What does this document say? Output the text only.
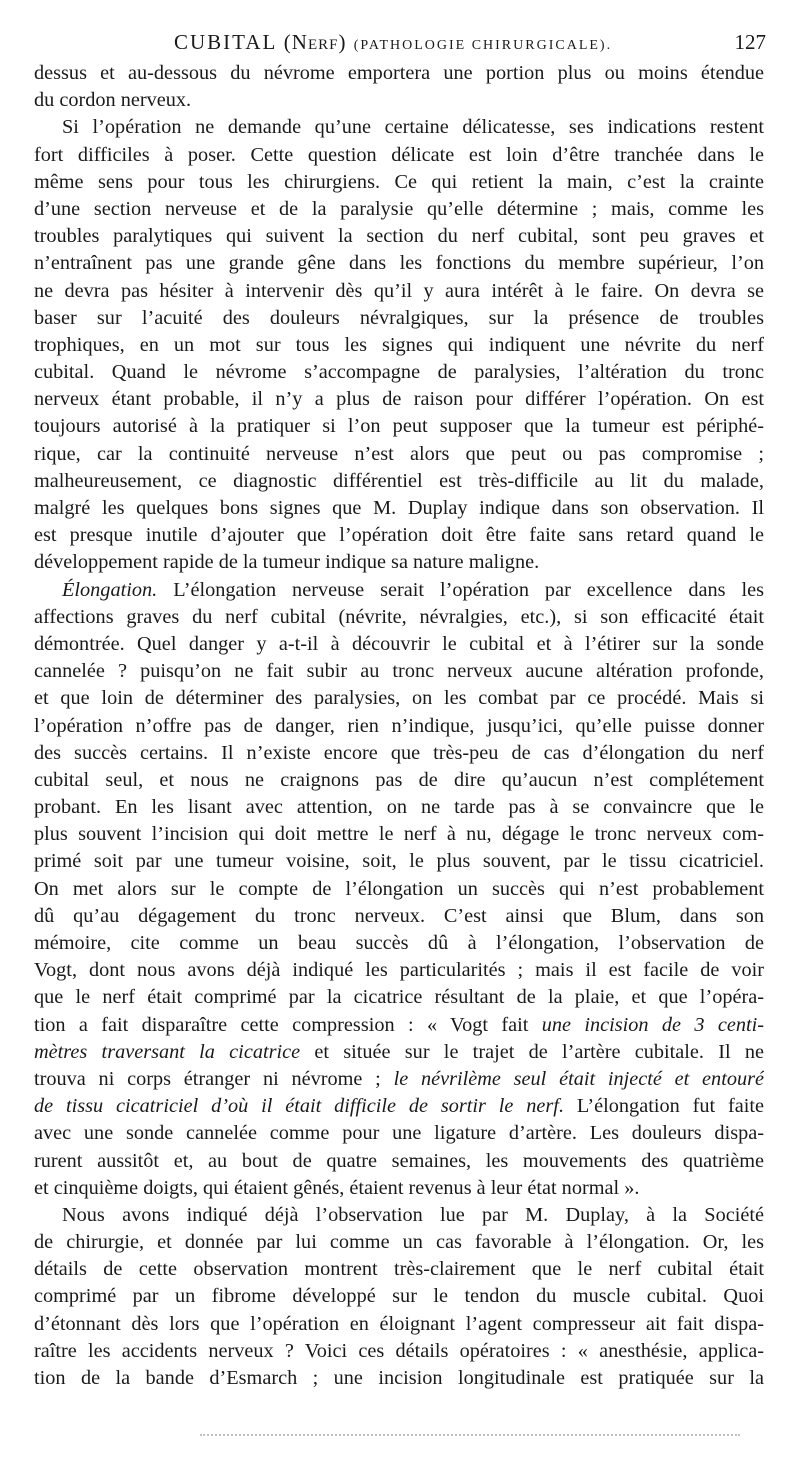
CUBITAL (Nerf) (PATHOLOGIE CHIRURGICALE).	127
dessus et au-dessous du névrome emportera une portion plus ou moins étendue
du cordon nerveux.
Si l’opération ne demande qu’une certaine délicatesse, ses indications restent
fort difficiles à poser. Cette question délicate est loin d’être tranchée dans le
même sens pour tous les chirurgiens. Ce qui retient la main, c’est la crainte
d’une section nerveuse et de la paralysie qu’elle détermine ; mais, comme les
troubles paralytiques qui suivent la section du nerf cubital, sont peu graves et
n’entraînent pas une grande gêne dans les fonctions du membre supérieur, l’on
ne devra pas hésiter à intervenir dès qu’il y aura intérêt à le faire. On devra se
baser sur l’acuité des douleurs névralgiques, sur la présence de troubles
trophiques, en un mot sur tous les signes qui indiquent une névrite du nerf
cubital. Quand le névrome s’accompagne de paralysies, l’altération du tronc
nerveux étant probable, il n’y a plus de raison pour différer l’opération. On est
toujours autorisé à la pratiquer si l’on peut supposer que la tumeur est périphé-
rique, car la continuité nerveuse n’est alors que peut ou pas compromise ;
malheureusement, ce diagnostic différentiel est très-difficile au lit du malade,
malgré les quelques bons signes que M. Duplay indique dans son observation. Il
est presque inutile d’ajouter que l’opération doit être faite sans retard quand le
développement rapide de la tumeur indique sa nature maligne.
Élongation. L’élongation nerveuse serait l’opération par excellence dans les
affections graves du nerf cubital (névrite, névralgies, etc.), si son efficacité était
démontrée. Quel danger y a-t-il à découvrir le cubital et à l’étirer sur la sonde
cannelée ? puisqu’on ne fait subir au tronc nerveux aucune altération profonde,
et que loin de déterminer des paralysies, on les combat par ce procédé. Mais si
l’opération n’offre pas de danger, rien n’indique, jusqu’ici, qu’elle puisse donner
des succès certains. Il n’existe encore que très-peu de cas d’élongation du nerf
cubital seul, et nous ne craignons pas de dire qu’aucun n’est complétement
probant. En les lisant avec attention, on ne tarde pas à se convaincre que le
plus souvent l’incision qui doit mettre le nerf à nu, dégage le tronc nerveux com-
primé soit par une tumeur voisine, soit, le plus souvent, par le tissu cicatriciel.
On met alors sur le compte de l’élongation un succès qui n’est probablement
dû qu’au dégagement du tronc nerveux. C’est ainsi que Blum, dans son
mémoire, cite comme un beau succès dû à l’élongation, l’observation de
Vogt, dont nous avons déjà indiqué les particularités ; mais il est facile de voir
que le nerf était comprimé par la cicatrice résultant de la plaie, et que l’opéra-
tion a fait disparaître cette compression : « Vogt fait une incision de 3 centi-
mètres traversant la cicatrice et située sur le trajet de l’artère cubitale. Il ne
trouva ni corps étranger ni névrome ; le névrilème seul était injecté et entouré
de tissu cicatriciel d’où il était difficile de sortir le nerf. L’élongation fut faite
avec une sonde cannelée comme pour une ligature d’artère. Les douleurs dispa-
rurent aussitôt et, au bout de quatre semaines, les mouvements des quatrième
et cinquième doigts, qui étaient gênés, étaient revenus à leur état normal ».
Nous avons indiqué déjà l’observation lue par M. Duplay, à la Société
de chirurgie, et donnée par lui comme un cas favorable à l’élongation. Or, les
détails de cette observation montrent très-clairement que le nerf cubital était
comprimé par un fibrome développé sur le tendon du muscle cubital. Quoi
d’étonnant dès lors que l’opération en éloignant l’agent compresseur ait fait dispa-
raître les accidents nerveux ? Voici ces détails opératoires : « anesthésie, applica-
tion de la bande d’Esmarch ; une incision longitudinale est pratiquée sur la
